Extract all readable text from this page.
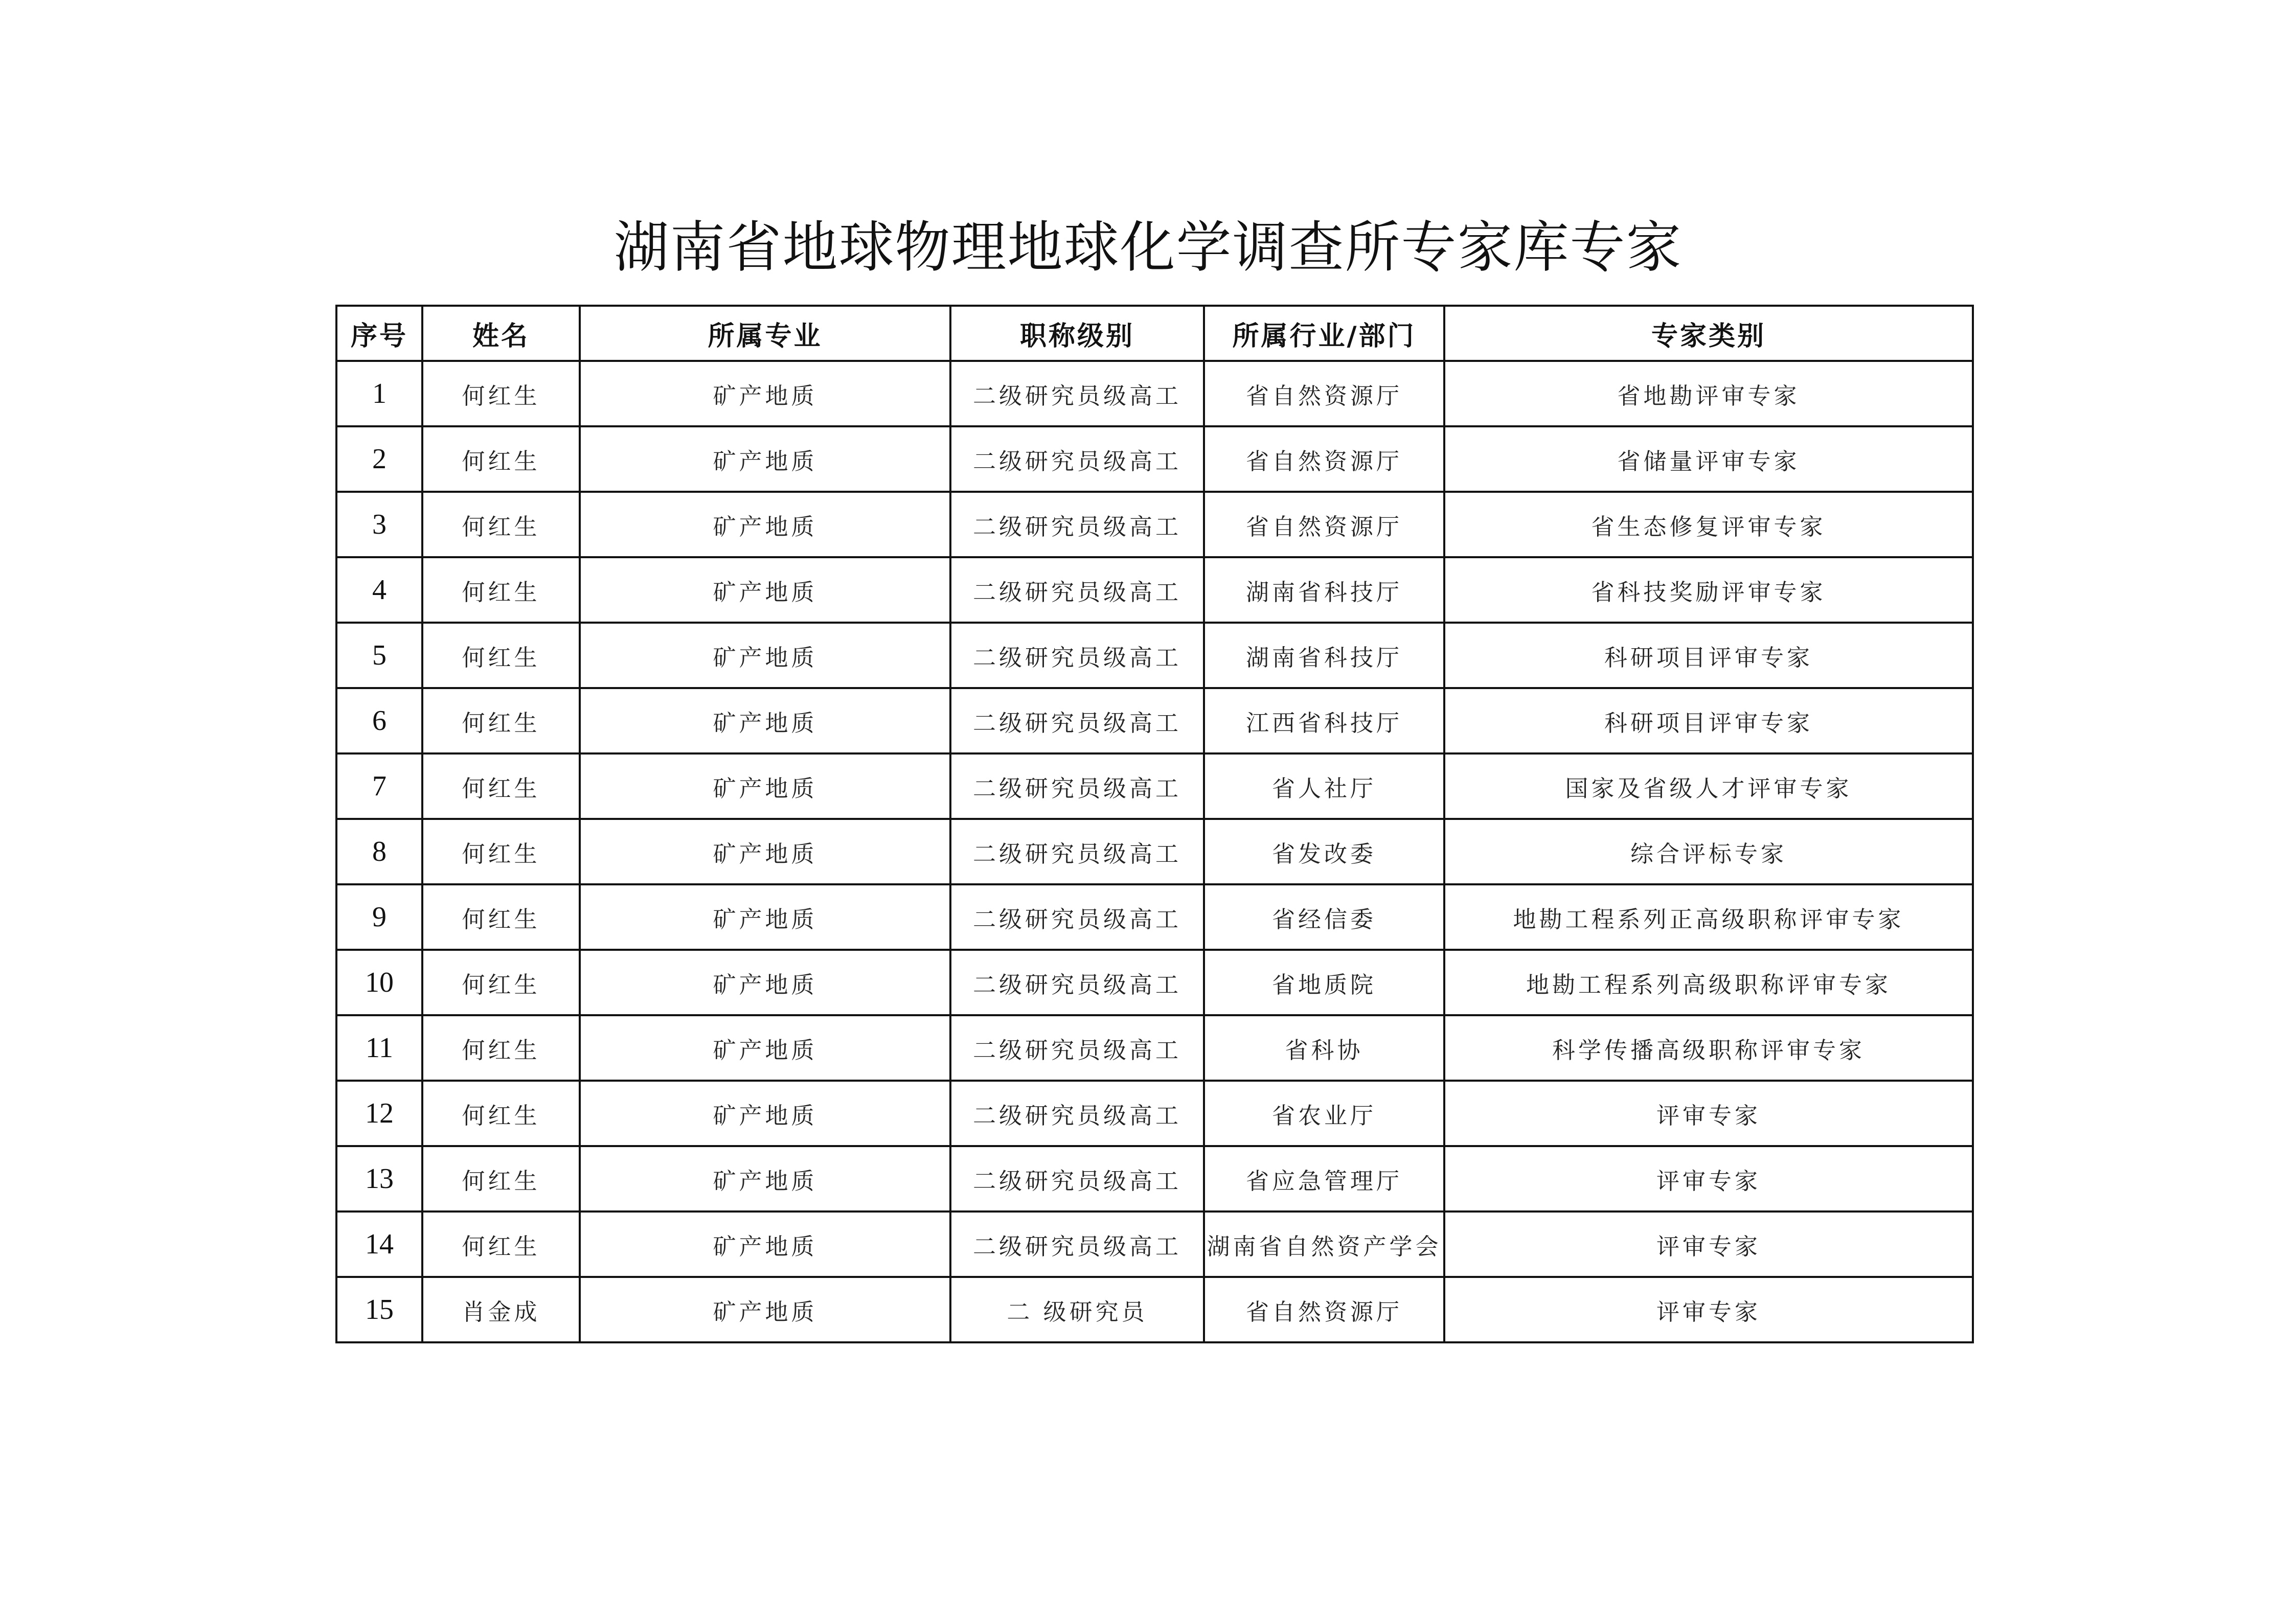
湖南省地球物理地球化学调查所专家库专家
序号	姓名	所属专业	职称级别	所属行业/部门	专家类别
1	何红生	矿产地质	二级研究员级高工	省自然资源厅	省地勘评审专家
2	何红生	矿产地质	二级研究员级高工	省自然资源厅	省储量评审专家
3	何红生	矿产地质	二级研究员级高工	省自然资源厅	省生态修复评审专家
4	何红生	矿产地质	二级研究员级高工	湖南省科技厅	省科技奖励评审专家
5	何红生	矿产地质	二级研究员级高工	湖南省科技厅	科研项目评审专家
6	何红生	矿产地质	二级研究员级高工	江西省科技厅	科研项目评审专家
7	何红生	矿产地质	二级研究员级高工	省人社厅	国家及省级人才评审专家
8	何红生	矿产地质	二级研究员级高工	省发改委	综合评标专家
9	何红生	矿产地质	二级研究员级高工	省经信委	地勘工程系列正高级职称评审专家
10	何红生	矿产地质	二级研究员级高工	省地质院	地勘工程系列高级职称评审专家
11	何红生	矿产地质	二级研究员级高工	省科协	科学传播高级职称评审专家
12	何红生	矿产地质	二级研究员级高工	省农业厅	评审专家
13	何红生	矿产地质	二级研究员级高工	省应急管理厅	评审专家
14	何红生	矿产地质	二级研究员级高工	湖南省自然资产学会	评审专家
15	肖金成	矿产地质	二 级研究员	省自然资源厅	评审专家
